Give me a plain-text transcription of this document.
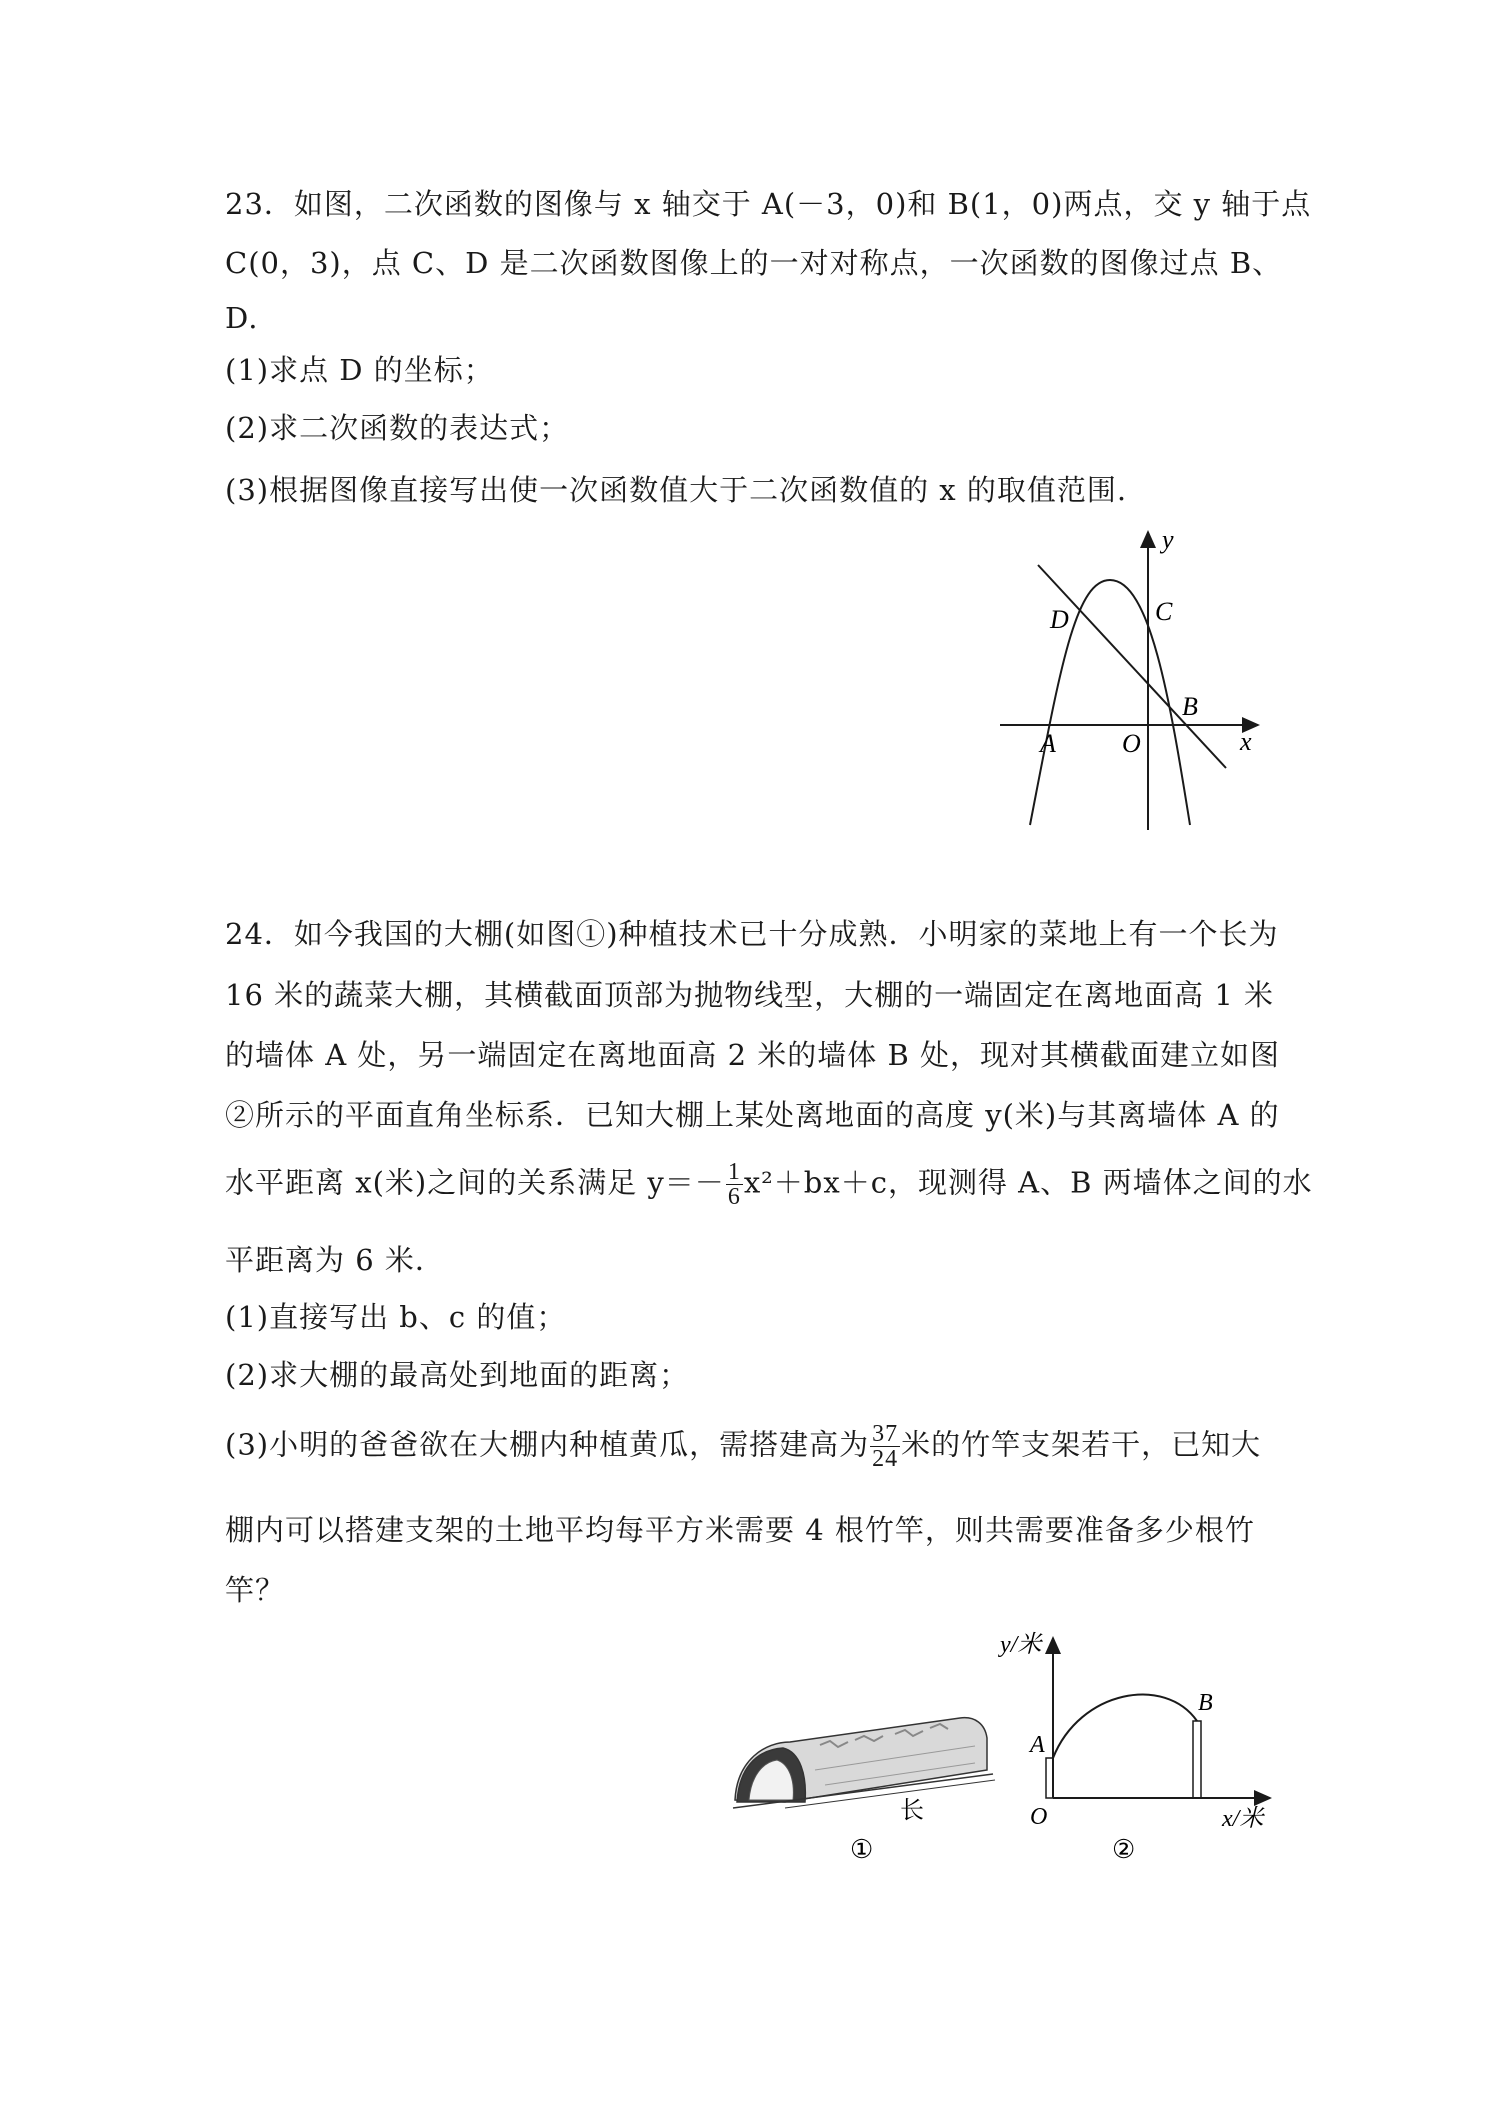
23．如图，二次函数的图像与 x 轴交于 A(－3，0)和 B(1，0)两点，交 y 轴于点
C(0，3)，点 C、D 是二次函数图像上的一对对称点，一次函数的图像过点 B、
D.
(1)求点 D 的坐标；
(2)求二次函数的表达式；
(3)根据图像直接写出使一次函数值大于二次函数值的 x 的取值范围.
y
x
D	C
B
A	O
24．如今我国的大棚(如图①)种植技术已十分成熟．小明家的菜地上有一个长为
16 米的蔬菜大棚，其横截面顶部为抛物线型，大棚的一端固定在离地面高 1 米
的墙体 A 处，另一端固定在离地面高 2 米的墙体 B 处，现对其横截面建立如图
②所示的平面直角坐标系．已知大棚上某处离地面的高度 y(米)与其离墙体 A 的
水平距离 x(米)之间的关系满足 $y=- \frac{1}{6} x^2+bx+c$，现测得 A、B 两墙体之间的水
平距离为 6 米．
(1)直接写出 b、c 的值；
(2)求大棚的最高处到地面的距离；
(3)小明的爸爸欲在大棚内种植黄瓜，需搭建高为 $\frac{37}{24}$ 米的竹竿支架若干，已知大
棚内可以搭建支架的土地平均每平方米需要 4 根竹竿，则共需要准备多少根竹
竿？
长
①
y/米
x/米
A
B
O
②
